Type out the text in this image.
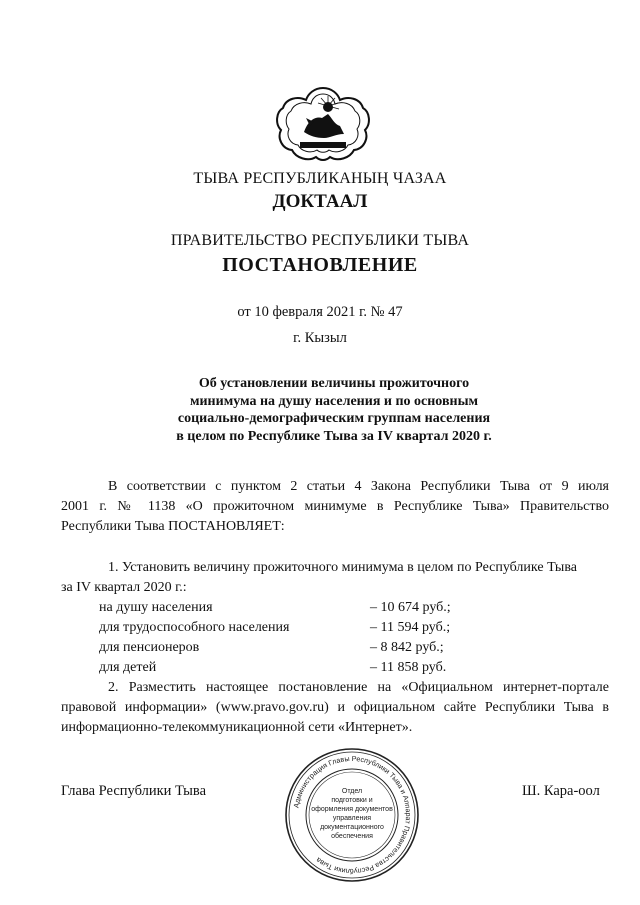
ТЫВА РЕСПУБЛИКАНЫҢ ЧАЗАА
ДОКТААЛ
ПРАВИТЕЛЬСТВО РЕСПУБЛИКИ ТЫВА
ПОСТАНОВЛЕНИЕ
от 10 февраля 2021 г. № 47
г. Кызыл
Об установлении величины прожиточного
минимума на душу населения и по основным
социально-демографическим группам населения
в целом по Республике Тыва за IV квартал 2020 г.
В соответствии с пунктом 2 статьи 4 Закона Республики Тыва от 9 июля
2001 г. № 1138 «О прожиточном минимуме в Республике Тыва» Правительство
Республики Тыва ПОСТАНОВЛЯЕТ:
1. Установить величину прожиточного минимума в целом по Республике Тыва
за IV квартал 2020 г.:
на душу населения	– 10 674 руб.;
для трудоспособного населения	– 11 594 руб.;
для пенсионеров	– 8 842 руб.;
для детей	– 11 858 руб.
2. Разместить настоящее постановление на «Официальном интернет-портале
правовой информации» (www.pravo.gov.ru) и официальном сайте Республики Тыва в
информационно-телекоммуникационной сети «Интернет».
Глава Республики Тыва	Ш. Кара-оол
Администрация Главы Республики Тыва и Аппарат Правительства Республики Тыва
Отдел
подготовки и
оформления документов
управления
документационного
обеспечения
